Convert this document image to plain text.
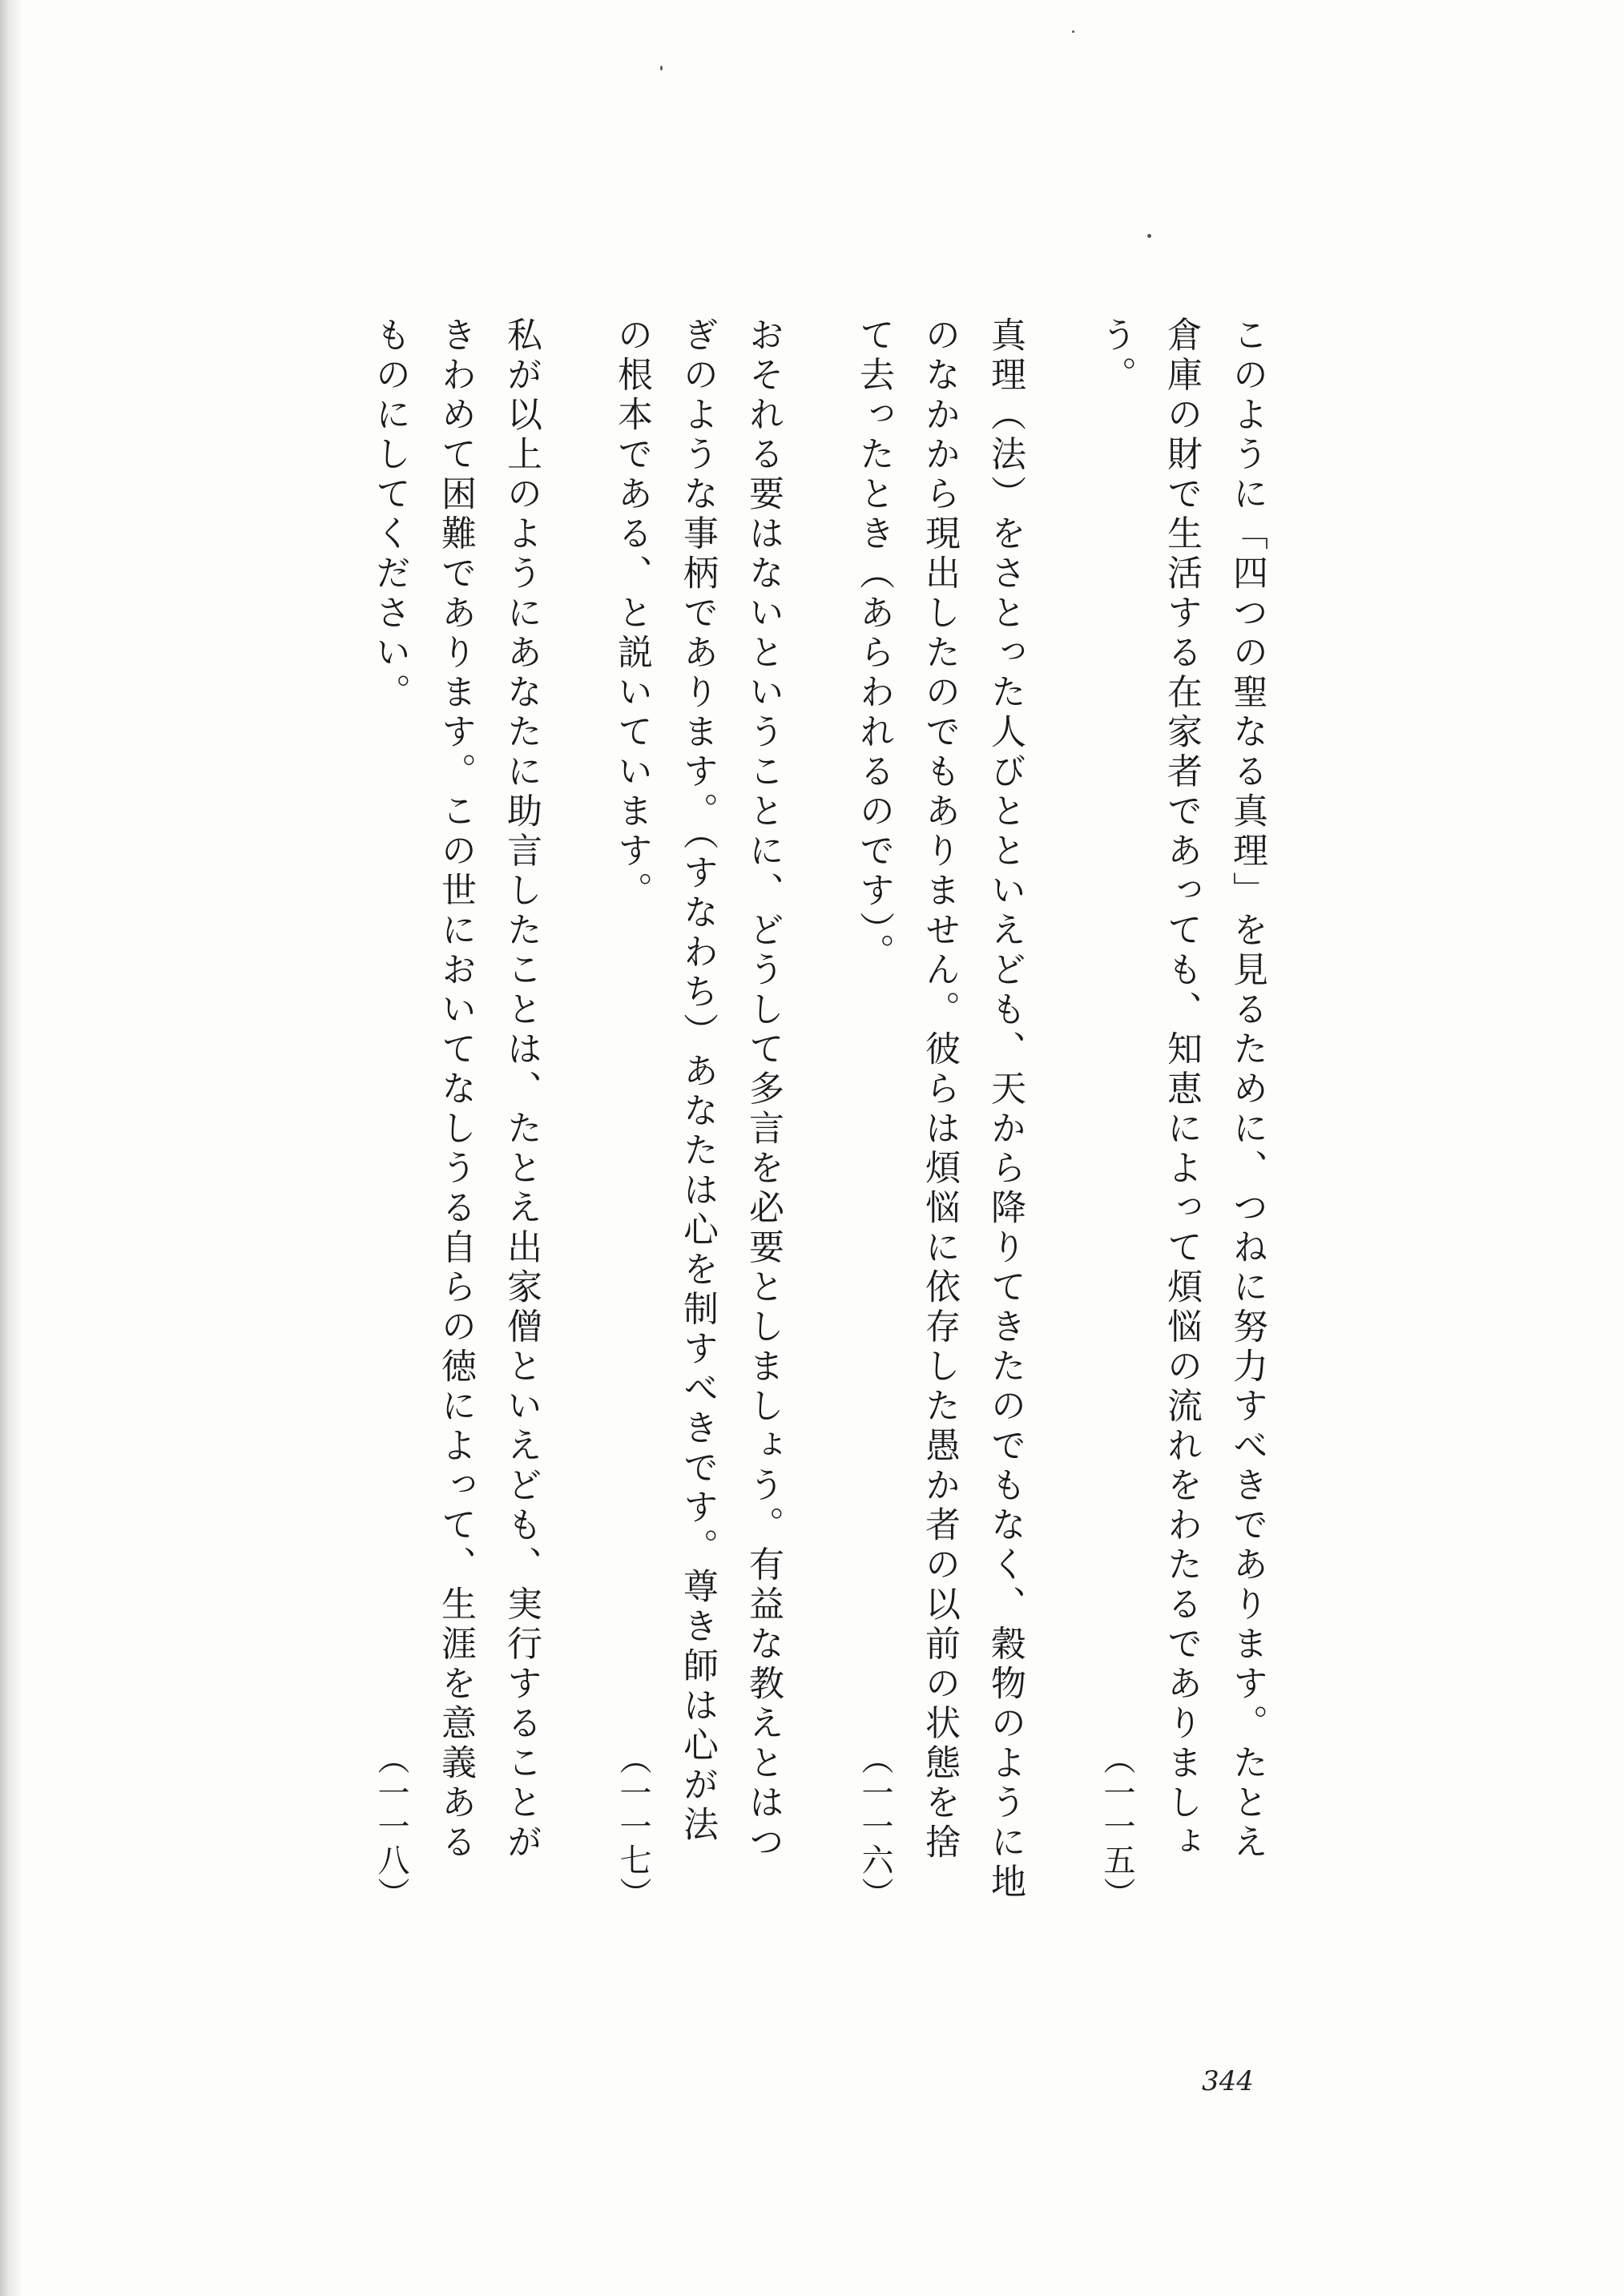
このように「四つの聖なる真理」を見るために、つねに努力すべきであります。たとえ
倉庫の財で生活する在家者であっても、知恵によって煩悩の流れをわたるでありましょ
う。
（一一五）
真理（法）をさとった人びとといえども、天から降りてきたのでもなく、穀物のように地
のなかから現出したのでもありません。彼らは煩悩に依存した愚か者の以前の状態を捨
て去ったとき（あらわれるのです）。
（一一六）
おそれる要はないということに、どうして多言を必要としましょう。有益な教えとはつ
ぎのような事柄であります。（すなわち）あなたは心を制すべきです。尊き師は心が法
の根本である、と説いています。
（一一七）
私が以上のようにあなたに助言したことは、たとえ出家僧といえども、実行することが
きわめて困難であります。この世においてなしうる自らの徳によって、生涯を意義ある
ものにしてください。
（一一八）
344
